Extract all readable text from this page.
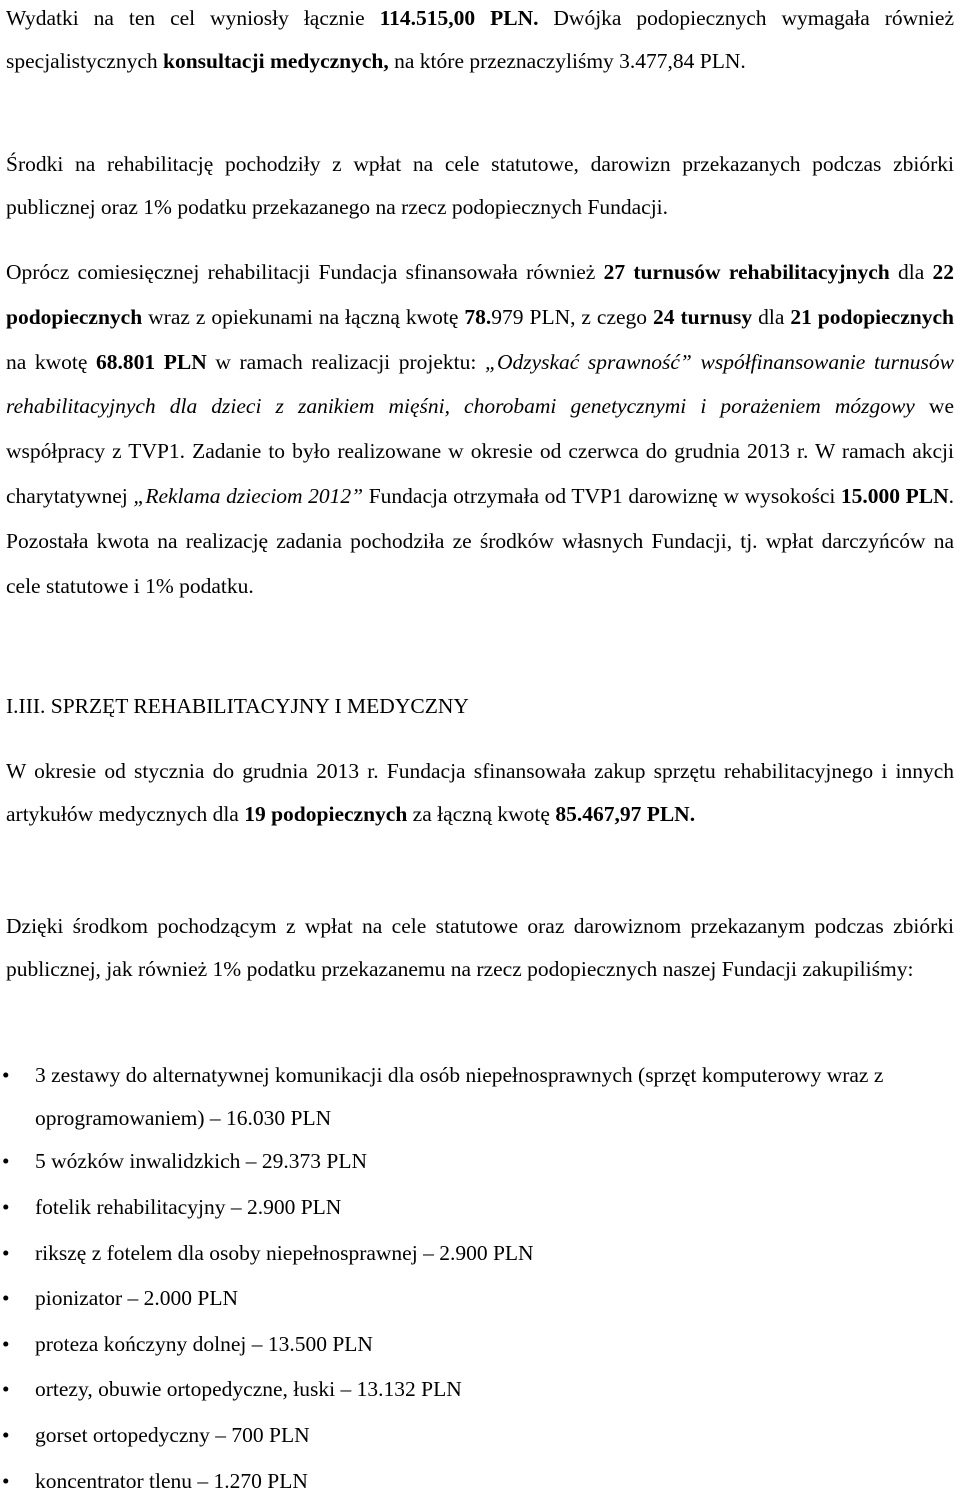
Wydatki na ten cel wyniosły łącznie 114.515,00 PLN. Dwójka podopiecznych wymagała również specjalistycznych konsultacji medycznych, na które przeznaczyliśmy 3.477,84 PLN.

Środki na rehabilitację pochodziły z wpłat na cele statutowe, darowizn przekazanych podczas zbiórki publicznej oraz 1% podatku przekazanego na rzecz podopiecznych Fundacji.

Oprócz comiesięcznej rehabilitacji Fundacja sfinansowała również 27 turnusów rehabilitacyjnych dla 22 podopiecznych wraz z opiekunami na łączną kwotę 78.979 PLN, z czego 24 turnusy dla 21 podopiecznych na kwotę 68.801 PLN w ramach realizacji projektu: „Odzyskać sprawność” współfinansowanie turnusów rehabilitacyjnych dla dzieci z zanikiem mięśni, chorobami genetycznymi i porażeniem mózgowy we współpracy z TVP1. Zadanie to było realizowane w okresie od czerwca do grudnia 2013 r. W ramach akcji charytatywnej „Reklama dzieciom 2012” Fundacja otrzymała od TVP1 darowiznę w wysokości 15.000 PLN. Pozostała kwota na realizację zadania pochodziła ze środków własnych Fundacji, tj. wpłat darczyńców na cele statutowe i 1% podatku.

I.III. SPRZĘT REHABILITACYJNY I MEDYCZNY

W okresie od stycznia do grudnia 2013 r. Fundacja sfinansowała zakup sprzętu rehabilitacyjnego i innych artykułów medycznych dla 19 podopiecznych za łączną kwotę 85.467,97 PLN.

Dzięki środkom pochodzącym z wpłat na cele statutowe oraz darowiznom przekazanym podczas zbiórki publicznej, jak również 1% podatku przekazanemu na rzecz podopiecznych naszej Fundacji zakupiliśmy:

• 3 zestawy do alternatywnej komunikacji dla osób niepełnosprawnych (sprzęt komputerowy wraz z oprogramowaniem) – 16.030 PLN
• 5 wózków inwalidzkich – 29.373 PLN
• fotelik rehabilitacyjny – 2.900 PLN
• rikszę z fotelem dla osoby niepełnosprawnej – 2.900 PLN
• pionizator – 2.000 PLN
• proteza kończyny dolnej – 13.500 PLN
• ortezy, obuwie ortopedyczne, łuski – 13.132 PLN
• gorset ortopedyczny – 700 PLN
• koncentrator tlenu – 1.270 PLN
